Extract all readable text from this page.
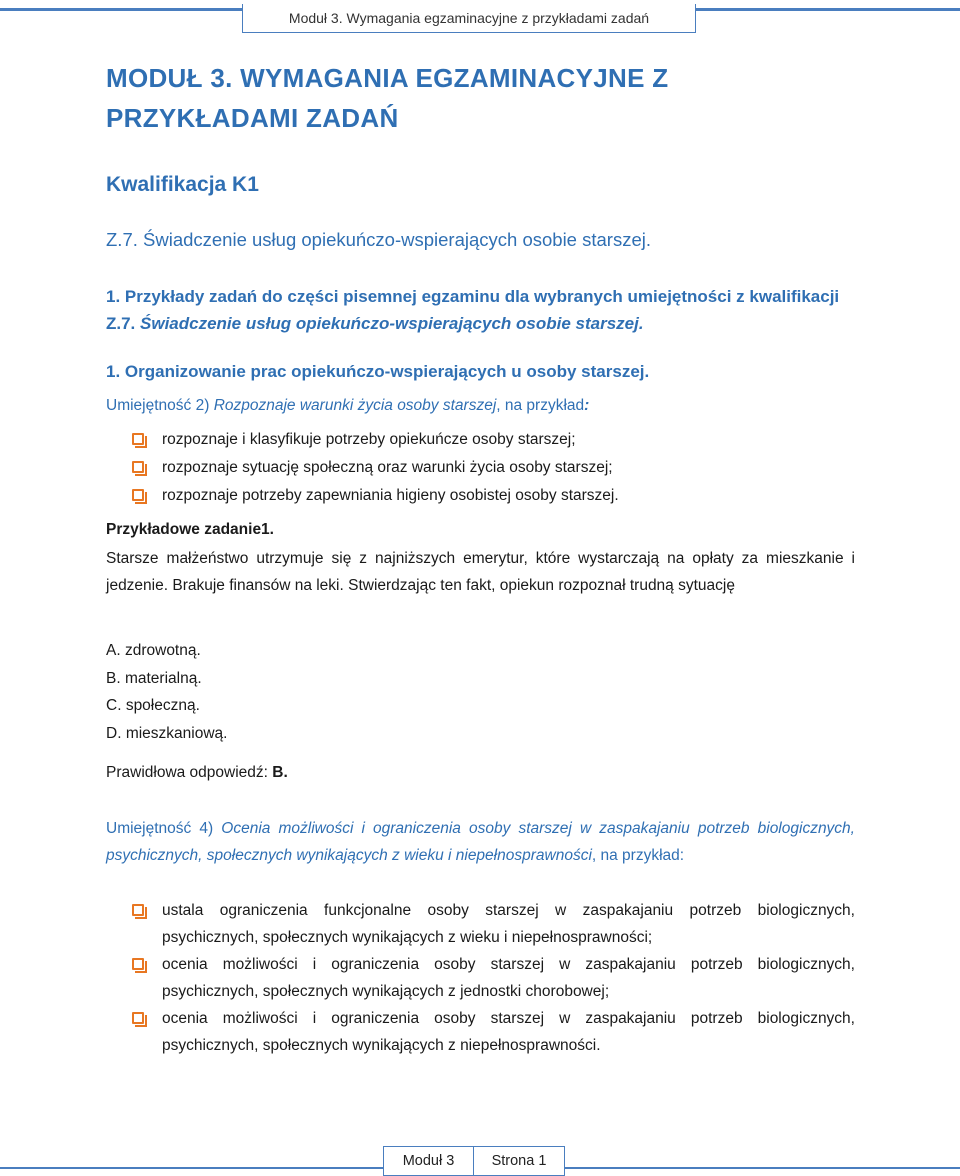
Moduł 3. Wymagania egzaminacyjne z przykładami zadań
MODUŁ 3. WYMAGANIA EGZAMINACYJNE Z PRZYKŁADAMI ZADAŃ
Kwalifikacja K1
Z.7. Świadczenie usług opiekuńczo-wspierających osobie starszej.
1. Przykłady zadań do części pisemnej egzaminu dla wybranych umiejętności z kwalifikacji Z.7. Świadczenie usług opiekuńczo-wspierających osobie starszej.
1. Organizowanie prac opiekuńczo-wspierających u osoby starszej.
Umiejętność 2) Rozpoznaje warunki życia osoby starszej, na przykład:
rozpoznaje i klasyfikuje potrzeby opiekuńcze osoby starszej;
rozpoznaje sytuację społeczną oraz warunki życia osoby starszej;
rozpoznaje potrzeby zapewniania higieny osobistej osoby starszej.
Przykładowe zadanie1.
Starsze małżeństwo utrzymuje się z najniższych emerytur, które wystarczają na opłaty za mieszkanie i jedzenie. Brakuje finansów na leki. Stwierdzając ten fakt, opiekun rozpoznał trudną sytuację
A. zdrowotną.
B. materialną.
C. społeczną.
D. mieszkaniową.
Prawidłowa odpowiedź: B.
Umiejętność 4) Ocenia możliwości i ograniczenia osoby starszej w zaspakajaniu potrzeb biologicznych, psychicznych, społecznych wynikających z wieku i niepełnosprawności, na przykład:
ustala ograniczenia funkcjonalne osoby starszej w zaspakajaniu potrzeb biologicznych, psychicznych, społecznych wynikających z wieku i niepełnosprawności;
ocenia możliwości i ograniczenia osoby starszej w zaspakajaniu potrzeb biologicznych, psychicznych, społecznych wynikających z jednostki chorobowej;
ocenia możliwości i ograniczenia osoby starszej w zaspakajaniu potrzeb biologicznych, psychicznych, społecznych wynikających z niepełnosprawności.
Moduł 3	Strona 1
